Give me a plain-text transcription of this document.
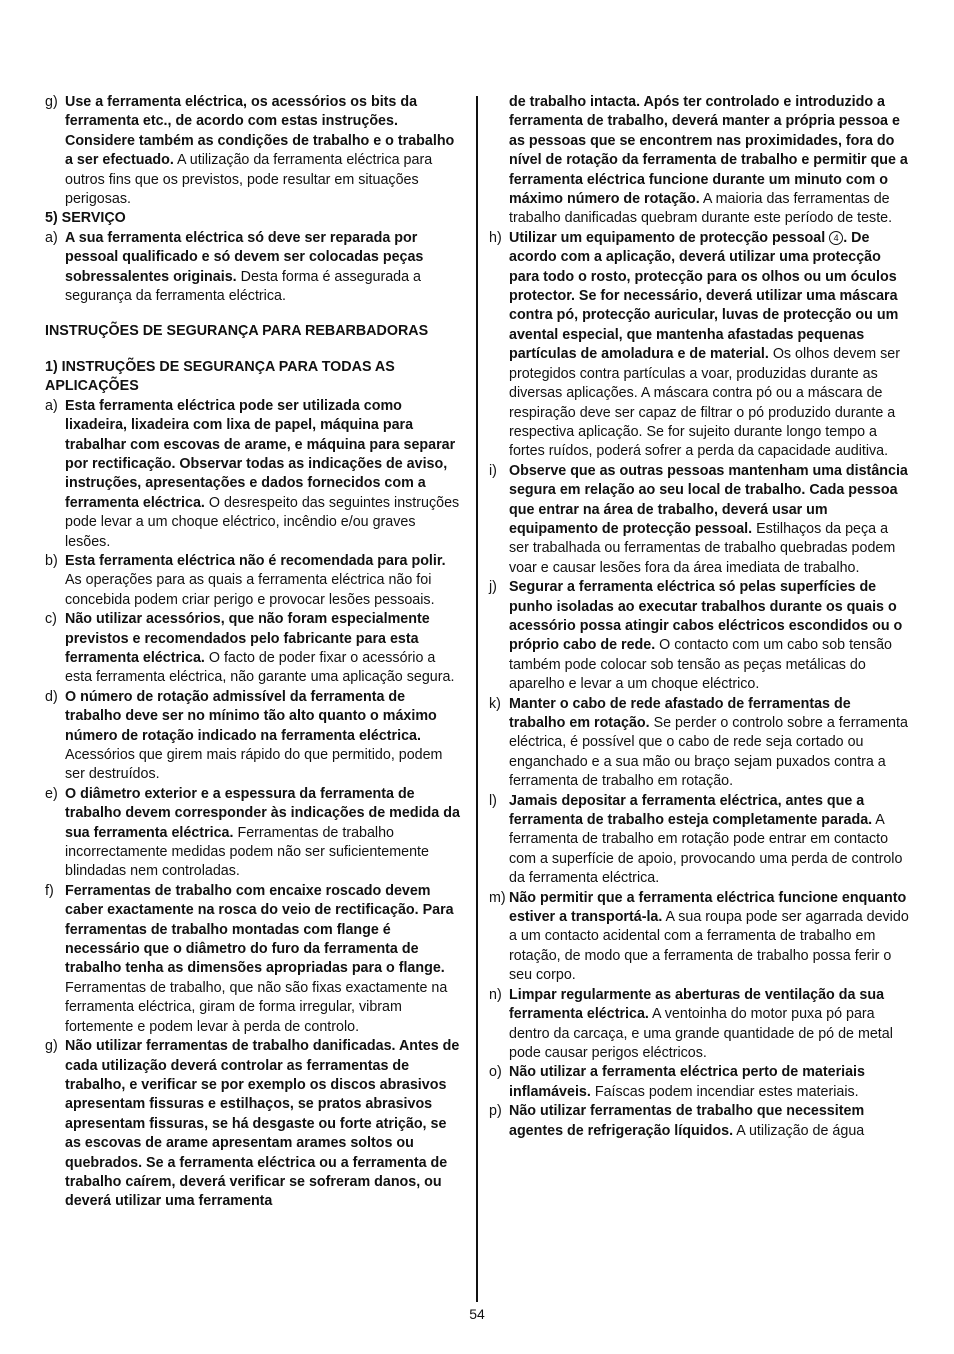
g) Use a ferramenta eléctrica, os acessórios os bits da ferramenta etc., de acordo com estas instruções. Considere também as condições de trabalho e o trabalho a ser efectuado. A utilização da ferramenta eléctrica para outros fins que os previstos, pode resultar em situações perigosas.
5) SERVIÇO
a) A sua ferramenta eléctrica só deve ser reparada por pessoal qualificado e só devem ser colocadas peças sobressalentes originais. Desta forma é assegurada a segurança da ferramenta eléctrica.
INSTRUÇÕES DE SEGURANÇA PARA REBARBADORAS
1) INSTRUÇÕES DE SEGURANÇA PARA TODAS AS APLICAÇÕES
a) Esta ferramenta eléctrica pode ser utilizada como lixadeira, lixadeira com lixa de papel, máquina para trabalhar com escovas de arame, e máquina para separar por rectificação. Observar todas as indicações de aviso, instruções, apresentações e dados fornecidos com a ferramenta eléctrica. O desrespeito das seguintes instruções pode levar a um choque eléctrico, incêndio e/ou graves lesões.
b) Esta ferramenta eléctrica não é recomendada para polir. As operações para as quais a ferramenta eléctrica não foi concebida podem criar perigo e provocar lesões pessoais.
c) Não utilizar acessórios, que não foram especialmente previstos e recomendados pelo fabricante para esta ferramenta eléctrica. O facto de poder fixar o acessório a esta ferramenta eléctrica, não garante uma aplicação segura.
d) O número de rotação admissível da ferramenta de trabalho deve ser no mínimo tão alto quanto o máximo número de rotação indicado na ferramenta eléctrica. Acessórios que girem mais rápido do que permitido, podem ser destruídos.
e) O diâmetro exterior e a espessura da ferramenta de trabalho devem corresponder às indicações de medida da sua ferramenta eléctrica. Ferramentas de trabalho incorrectamente medidas podem não ser suficientemente blindadas nem controladas.
f) Ferramentas de trabalho com encaixe roscado devem caber exactamente na rosca do veio de rectificação. Para ferramentas de trabalho montadas com flange é necessário que o diâmetro do furo da ferramenta de trabalho tenha as dimensões apropriadas para o flange. Ferramentas de trabalho, que não são fixas exactamente na ferramenta eléctrica, giram de forma irregular, vibram fortemente e podem levar à perda de controlo.
g) Não utilizar ferramentas de trabalho danificadas. Antes de cada utilização deverá controlar as ferramentas de trabalho, e verificar se por exemplo os discos abrasivos apresentam fissuras e estilhaços, se pratos abrasivos apresentam fissuras, se há desgaste ou forte atrição, se as escovas de arame apresentam arames soltos ou quebrados. Se a ferramenta eléctrica ou a ferramenta de trabalho caírem, deverá verificar se sofreram danos, ou deverá utilizar uma ferramenta
de trabalho intacta. Após ter controlado e introduzido a ferramenta de trabalho, deverá manter a própria pessoa e as pessoas que se encontrem nas proximidades, fora do nível de rotação da ferramenta de trabalho e permitir que a ferramenta eléctrica funcione durante um minuto com o máximo número de rotação. A maioria das ferramentas de trabalho danificadas quebram durante este período de teste.
h) Utilizar um equipamento de protecção pessoal 4 . De acordo com a aplicação, deverá utilizar uma protecção para todo o rosto, protecção para os olhos ou um óculos protector. Se for necessário, deverá utilizar uma máscara contra pó, protecção auricular, luvas de protecção ou um avental especial, que mantenha afastadas pequenas partículas de amoladura e de material. Os olhos devem ser protegidos contra partículas a voar, produzidas durante as diversas aplicações. A máscara contra pó ou a máscara de respiração deve ser capaz de filtrar o pó produzido durante a respectiva aplicação. Se for sujeito durante longo tempo a fortes ruídos, poderá sofrer a perda da capacidade auditiva.
i) Observe que as outras pessoas mantenham uma distância segura em relação ao seu local de trabalho. Cada pessoa que entrar na área de trabalho, deverá usar um equipamento de protecção pessoal. Estilhaços da peça a ser trabalhada ou ferramentas de trabalho quebradas podem voar e causar lesões fora da área imediata de trabalho.
j) Segurar a ferramenta eléctrica só pelas superfícies de punho isoladas ao executar trabalhos durante os quais o acessório possa atingir cabos eléctricos escondidos ou o próprio cabo de rede. O contacto com um cabo sob tensão também pode colocar sob tensão as peças metálicas do aparelho e levar a um choque eléctrico.
k) Manter o cabo de rede afastado de ferramentas de trabalho em rotação. Se perder o controlo sobre a ferramenta eléctrica, é possível que o cabo de rede seja cortado ou enganchado e a sua mão ou braço sejam puxados contra a ferramenta de trabalho em rotação.
l) Jamais depositar a ferramenta eléctrica, antes que a ferramenta de trabalho esteja completamente parada. A ferramenta de trabalho em rotação pode entrar em contacto com a superfície de apoio, provocando uma perda de controlo da ferramenta eléctrica.
m) Não permitir que a ferramenta eléctrica funcione enquanto estiver a transportá-la. A sua roupa pode ser agarrada devido a um contacto acidental com a ferramenta de trabalho em rotação, de modo que a ferramenta de trabalho possa ferir o seu corpo.
n) Limpar regularmente as aberturas de ventilação da sua ferramenta eléctrica. A ventoinha do motor puxa pó para dentro da carcaça, e uma grande quantidade de pó de metal pode causar perigos eléctricos.
o) Não utilizar a ferramenta eléctrica perto de materiais inflamáveis. Faíscas podem incendiar estes materiais.
p) Não utilizar ferramentas de trabalho que necessitem agentes de refrigeração líquidos. A utilização de água
54
